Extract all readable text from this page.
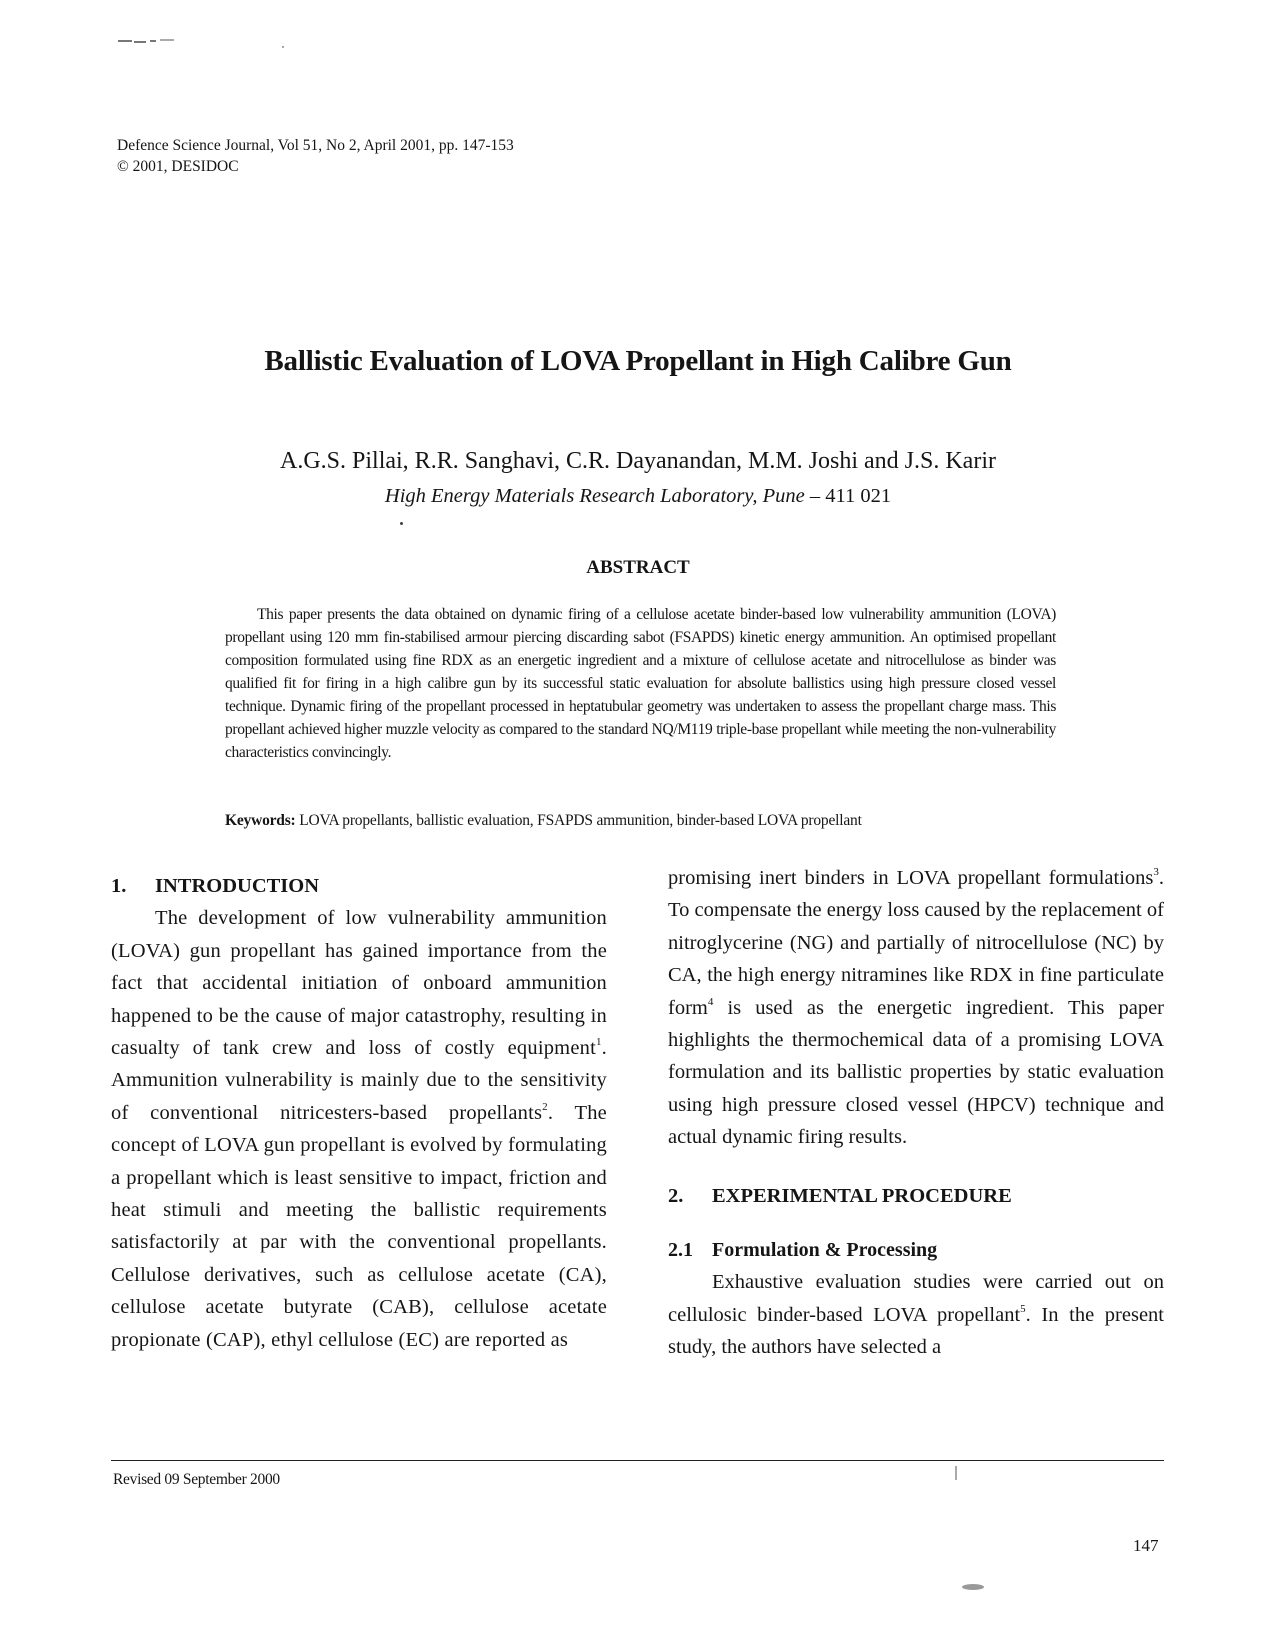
Defence Science Journal, Vol 51, No 2, April 2001, pp. 147-153
© 2001, DESIDOC
Ballistic Evaluation of LOVA Propellant in High Calibre Gun
A.G.S. Pillai, R.R. Sanghavi, C.R. Dayanandan, M.M. Joshi and J.S. Karir
High Energy Materials Research Laboratory, Pune – 411 021
ABSTRACT

This paper presents the data obtained on dynamic firing of a cellulose acetate binder-based low vulnerability ammunition (LOVA) propellant using 120 mm fin-stabilised armour piercing discarding sabot (FSAPDS) kinetic energy ammunition. An optimised propellant composition formulated using fine RDX as an energetic ingredient and a mixture of cellulose acetate and nitrocellulose as binder was qualified fit for firing in a high calibre gun by its successful static evaluation for absolute ballistics using high pressure closed vessel technique. Dynamic firing of the propellant processed in heptatubular geometry was undertaken to assess the propellant charge mass. This propellant achieved higher muzzle velocity as compared to the standard NQ/M119 triple-base propellant while meeting the non-vulnerability characteristics convincingly.

Keywords: LOVA propellants, ballistic evaluation, FSAPDS ammunition, binder-based LOVA propellant
1.	INTRODUCTION

The development of low vulnerability ammunition (LOVA) gun propellant has gained importance from the fact that accidental initiation of onboard ammunition happened to be the cause of major catastrophy, resulting in casualty of tank crew and loss of costly equipment$^1$. Ammunition vulnerability is mainly due to the sensitivity of conventional nitricesters-based propellants$^2$. The concept of LOVA gun propellant is evolved by formulating a propellant which is least sensitive to impact, friction and heat stimuli and meeting the ballistic requirements satisfactorily at par with the conventional propellants. Cellulose derivatives, such as cellulose acetate (CA), cellulose acetate butyrate (CAB), cellulose acetate propionate (CAP), ethyl cellulose (EC) are reported as

promising inert binders in LOVA propellant formulations$^3$. To compensate the energy loss caused by the replacement of nitroglycerine (NG) and partially of nitrocellulose (NC) by CA, the high energy nitramines like RDX in fine particulate form$^4$ is used as the energetic ingredient. This paper highlights the thermochemical data of a promising LOVA formulation and its ballistic properties by static evaluation using high pressure closed vessel (HPCV) technique and actual dynamic firing results.

2.	EXPERIMENTAL PROCEDURE
2.1 Formulation & Processing

Exhaustive evaluation studies were carried out on cellulosic binder-based LOVA propellant$^5$. In the present study, the authors have selected a

Revised 09 September 2000
147
